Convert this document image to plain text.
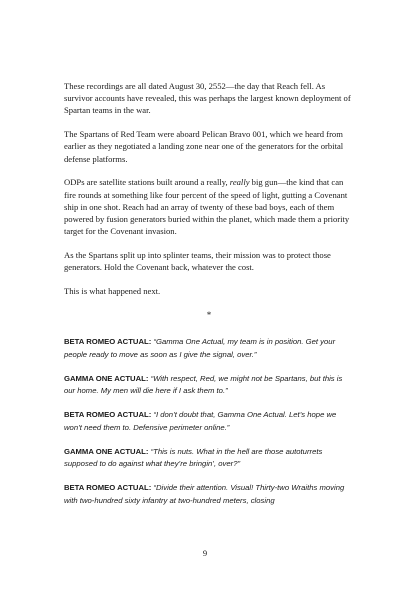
These recordings are all dated August 30, 2552—the day that Reach fell. As survivor accounts have revealed, this was perhaps the largest known deployment of Spartan teams in the war.

The Spartans of Red Team were aboard Pelican Bravo 001, which we heard from earlier as they negotiated a landing zone near one of the generators for the orbital defense platforms.

ODPs are satellite stations built around a really, really big gun—the kind that can fire rounds at something like four percent of the speed of light, gutting a Covenant ship in one shot. Reach had an array of twenty of these bad boys, each of them powered by fusion generators buried within the planet, which made them a priority target for the Covenant invasion.

As the Spartans split up into splinter teams, their mission was to protect those generators. Hold the Covenant back, whatever the cost.

This is what happened next.

*

BETA ROMEO ACTUAL: “Gamma One Actual, my team is in position. Get your people ready to move as soon as I give the signal, over.”

GAMMA ONE ACTUAL: “With respect, Red, we might not be Spartans, but this is our home. My men will die here if I ask them to.”

BETA ROMEO ACTUAL: “I don’t doubt that, Gamma One Actual. Let’s hope we won’t need them to. Defensive perimeter online.”

GAMMA ONE ACTUAL: “This is nuts. What in the hell are those autoturrets supposed to do against what they’re bringin’, over?”

BETA ROMEO ACTUAL: “Divide their attention. Visual! Thirty-two Wraiths moving with two-hundred sixty infantry at two-hundred meters, closing

9
